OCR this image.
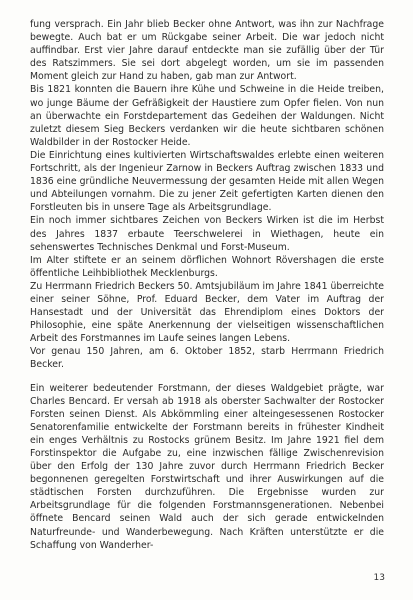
fung versprach. Ein Jahr blieb Becker ohne Antwort, was ihn zur Nachfrage bewegte. Auch bat er um Rückgabe seiner Arbeit. Die war jedoch nicht auffindbar. Erst vier Jahre darauf entdeckte man sie zufällig über der Tür des Ratszimmers. Sie sei dort abgelegt worden, um sie im passenden Moment gleich zur Hand zu haben, gab man zur Antwort.

Bis 1821 konnten die Bauern ihre Kühe und Schweine in die Heide treiben, wo junge Bäume der Gefräßigkeit der Haustiere zum Opfer fielen. Von nun an überwachte ein Forstdepartement das Gedeihen der Waldungen. Nicht zuletzt diesem Sieg Beckers verdanken wir die heute sichtbaren schönen Waldbilder in der Rostocker Heide.

Die Einrichtung eines kultivierten Wirtschaftswaldes erlebte einen weiteren Fortschritt, als der Ingenieur Zarnow in Beckers Auftrag zwischen 1833 und 1836 eine gründliche Neuvermessung der gesamten Heide mit allen Wegen und Abteilungen vornahm. Die zu jener Zeit gefertigten Karten dienen den Forstleuten bis in unsere Tage als Arbeitsgrundlage.

Ein noch immer sichtbares Zeichen von Beckers Wirken ist die im Herbst des Jahres 1837 erbaute Teerschwelerei in Wiethagen, heute ein sehenswertes Technisches Denkmal und Forst-Museum.

Im Alter stiftete er an seinem dörflichen Wohnort Rövershagen die erste öffentliche Leihbibliothek Mecklenburgs.

Zu Herrmann Friedrich Beckers 50. Amtsjubiläum im Jahre 1841 überreichte einer seiner Söhne, Prof. Eduard Becker, dem Vater im Auftrag der Hansestadt und der Universität das Ehrendiplom eines Doktors der Philosophie, eine späte Anerkennung der vielseitigen wissenschaftlichen Arbeit des Forstmannes im Laufe seines langen Lebens.

Vor genau 150 Jahren, am 6. Oktober 1852, starb Herrmann Friedrich Becker.

Ein weiterer bedeutender Forstmann, der dieses Waldgebiet prägte, war Charles Bencard. Er versah ab 1918 als oberster Sachwalter der Rostocker Forsten seinen Dienst. Als Abkömmling einer alteingesessenen Rostocker Senatorenfamilie entwickelte der Forstmann bereits in frühester Kindheit ein enges Verhältnis zu Rostocks grünem Besitz. Im Jahre 1921 fiel dem Forstinspektor die Aufgabe zu, eine inzwischen fällige Zwischenrevision über den Erfolg der 130 Jahre zuvor durch Herrmann Friedrich Becker begonnenen geregelten Forstwirtschaft und ihrer Auswirkungen auf die städtischen Forsten durchzuführen. Die Ergebnisse wurden zur Arbeitsgrundlage für die folgenden Forstmannsgenerationen. Nebenbei öffnete Bencard seinen Wald auch der sich gerade entwickelnden Naturfreunde- und Wanderbewegung. Nach Kräften unterstützte er die Schaffung von Wanderher-

13
